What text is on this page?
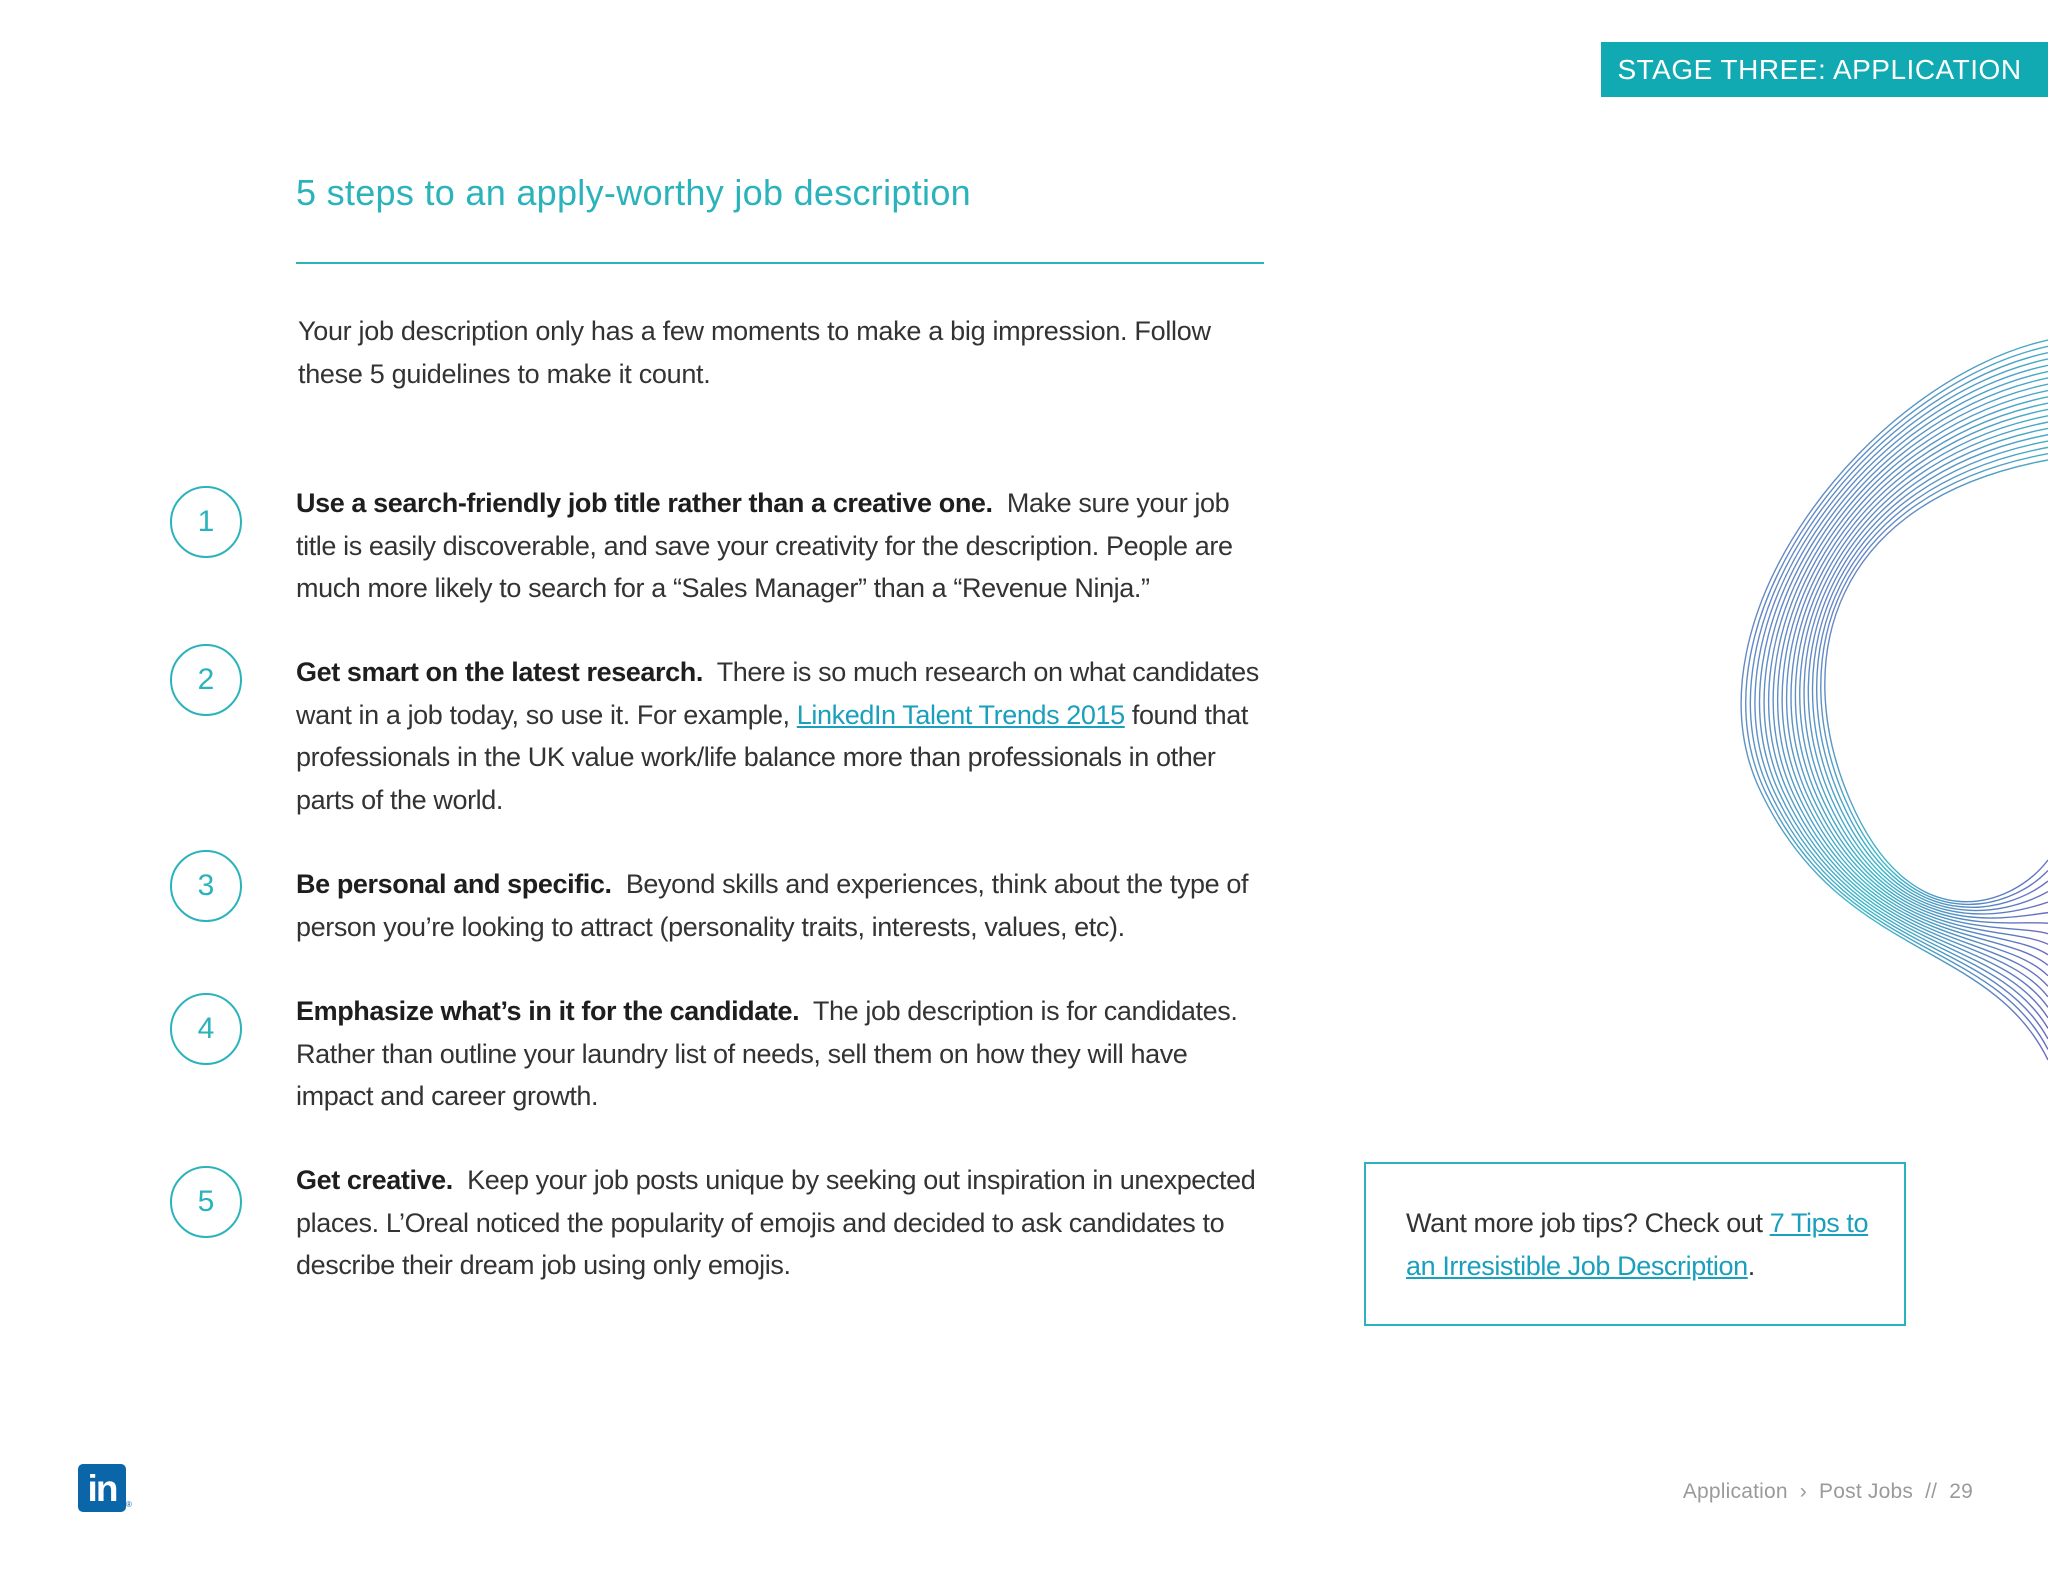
STAGE THREE: APPLICATION
5 steps to an apply-worthy job description
Your job description only has a few moments to make a big impression. Follow these 5 guidelines to make it count.
1
Use a search-friendly job title rather than a creative one. Make sure your job title is easily discoverable, and save your creativity for the description. People are much more likely to search for a “Sales Manager” than a “Revenue Ninja.”
2	Get smart on the latest research. There is so much research on what candidates want in a job today, so use it. For example, LinkedIn Talent Trends 2015 found that professionals in the UK value work/life balance more than professionals in other parts of the world.
3	Be personal and specific. Beyond skills and experiences, think about the type of person you’re looking to attract (personality traits, interests, values, etc).
4
Emphasize what’s in it for the candidate. The job description is for candidates. Rather than outline your laundry list of needs, sell them on how they will have impact and career growth.
5
Get creative. Keep your job posts unique by seeking out inspiration in unexpected places. L’Oreal noticed the popularity of emojis and decided to ask candidates to describe their dream job using only emojis.
Want more job tips? Check out 7 Tips to an Irresistible Job Description.
in	®
Application › Post Jobs // 29
